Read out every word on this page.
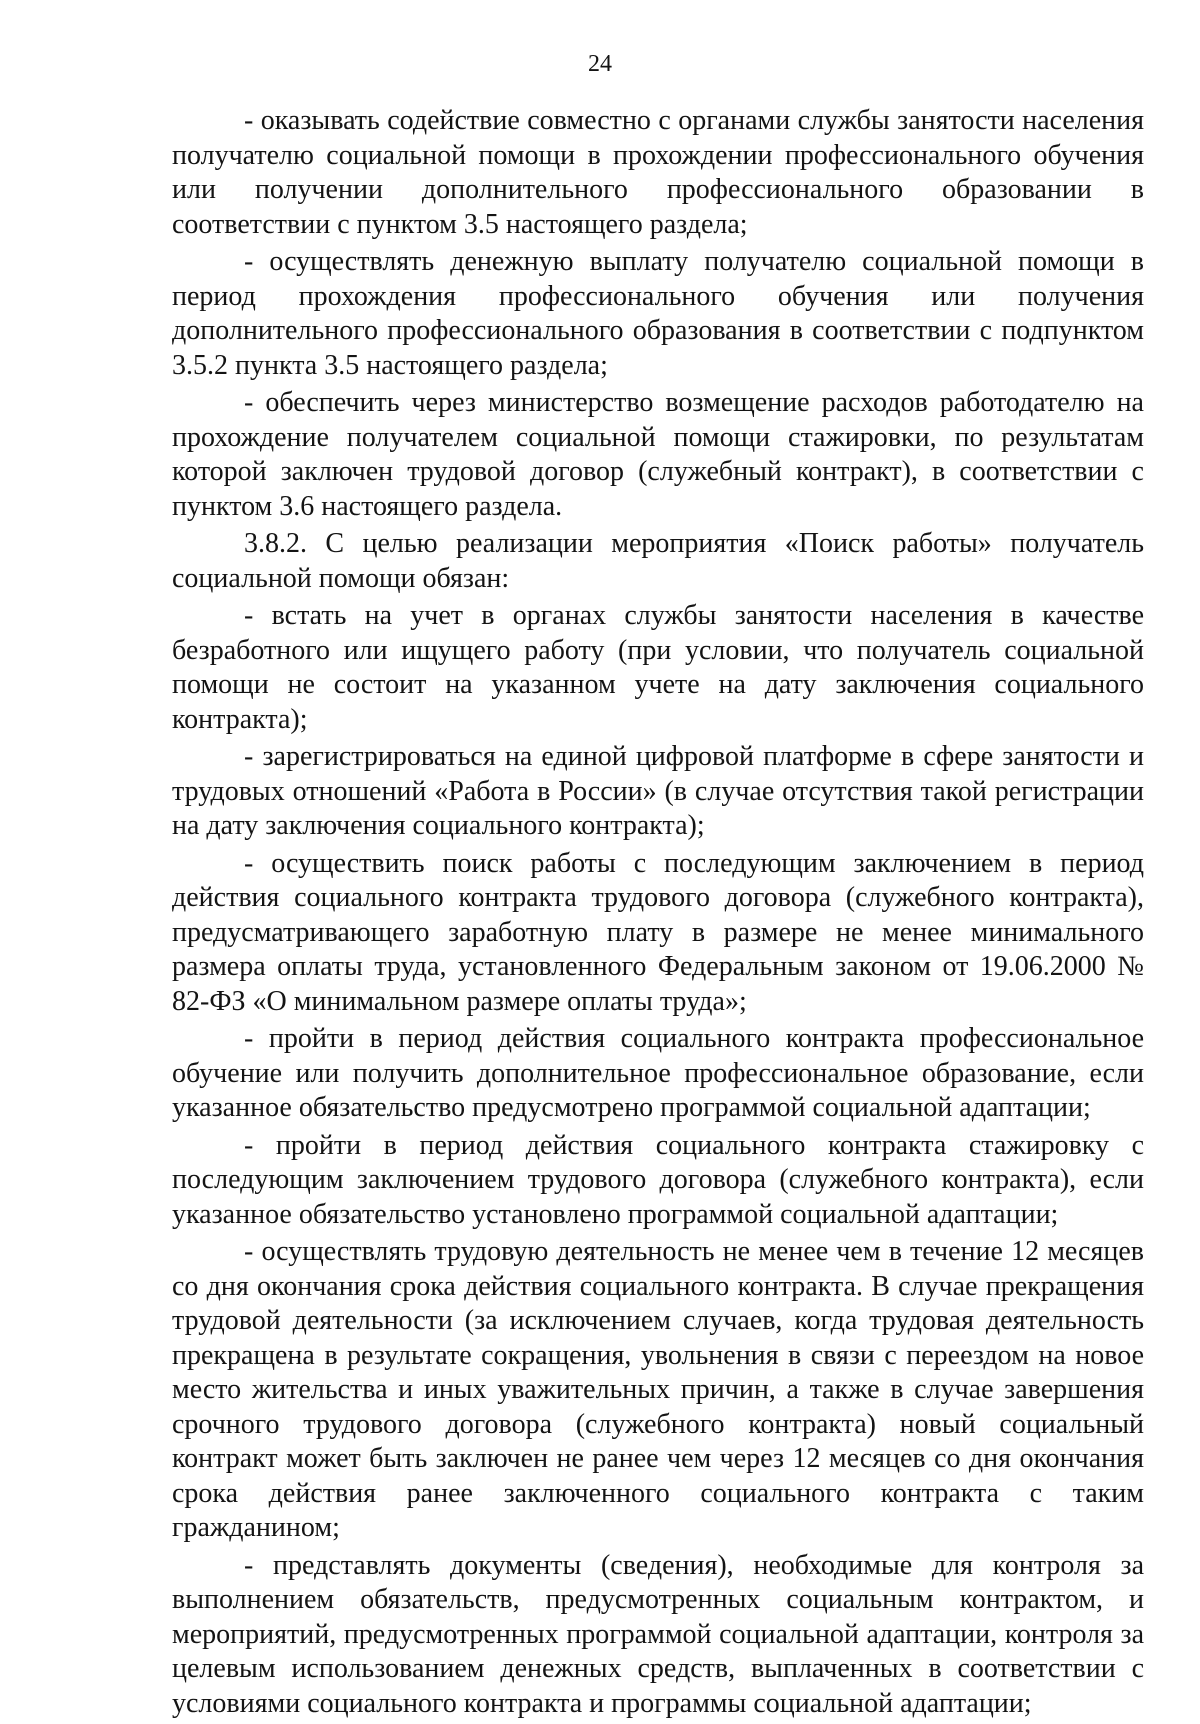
24

- оказывать содействие совместно с органами службы занятости населения получателю социальной помощи в прохождении профессионального обучения или получении дополнительного профессионального образовании в соответствии с пунктом 3.5 настоящего раздела;

- осуществлять денежную выплату получателю социальной помощи в период прохождения профессионального обучения или получения дополнительного профессионального образования в соответствии с подпунктом 3.5.2 пункта 3.5 настоящего раздела;

- обеспечить через министерство возмещение расходов работодателю на прохождение получателем социальной помощи стажировки, по результатам которой заключен трудовой договор (служебный контракт), в соответствии с пунктом 3.6 настоящего раздела.

3.8.2. С целью реализации мероприятия «Поиск работы» получатель социальной помощи обязан:

- встать на учет в органах службы занятости населения в качестве безработного или ищущего работу (при условии, что получатель социальной помощи не состоит на указанном учете на дату заключения социального контракта);

- зарегистрироваться на единой цифровой платформе в сфере занятости и трудовых отношений «Работа в России» (в случае отсутствия такой регистрации на дату заключения социального контракта);

- осуществить поиск работы с последующим заключением в период действия социального контракта трудового договора (служебного контракта), предусматривающего заработную плату в размере не менее минимального размера оплаты труда, установленного Федеральным законом от 19.06.2000 № 82-ФЗ «О минимальном размере оплаты труда»;

- пройти в период действия социального контракта профессиональное обучение или получить дополнительное профессиональное образование, если указанное обязательство предусмотрено программой социальной адаптации;

- пройти в период действия социального контракта стажировку с последующим заключением трудового договора (служебного контракта), если указанное обязательство установлено программой социальной адаптации;

- осуществлять трудовую деятельность не менее чем в течение 12 месяцев со дня окончания срока действия социального контракта. В случае прекращения трудовой деятельности (за исключением случаев, когда трудовая деятельность прекращена в результате сокращения, увольнения в связи с переездом на новое место жительства и иных уважительных причин, а также в случае завершения срочного трудового договора (служебного контракта) новый социальный контракт может быть заключен не ранее чем через 12 месяцев со дня окончания срока действия ранее заключенного социального контракта с таким гражданином;

- представлять документы (сведения), необходимые для контроля за выполнением обязательств, предусмотренных социальным контрактом, и мероприятий, предусмотренных программой социальной адаптации, контроля за целевым использованием денежных средств, выплаченных в соответствии с условиями социального контракта и программы социальной адаптации;
